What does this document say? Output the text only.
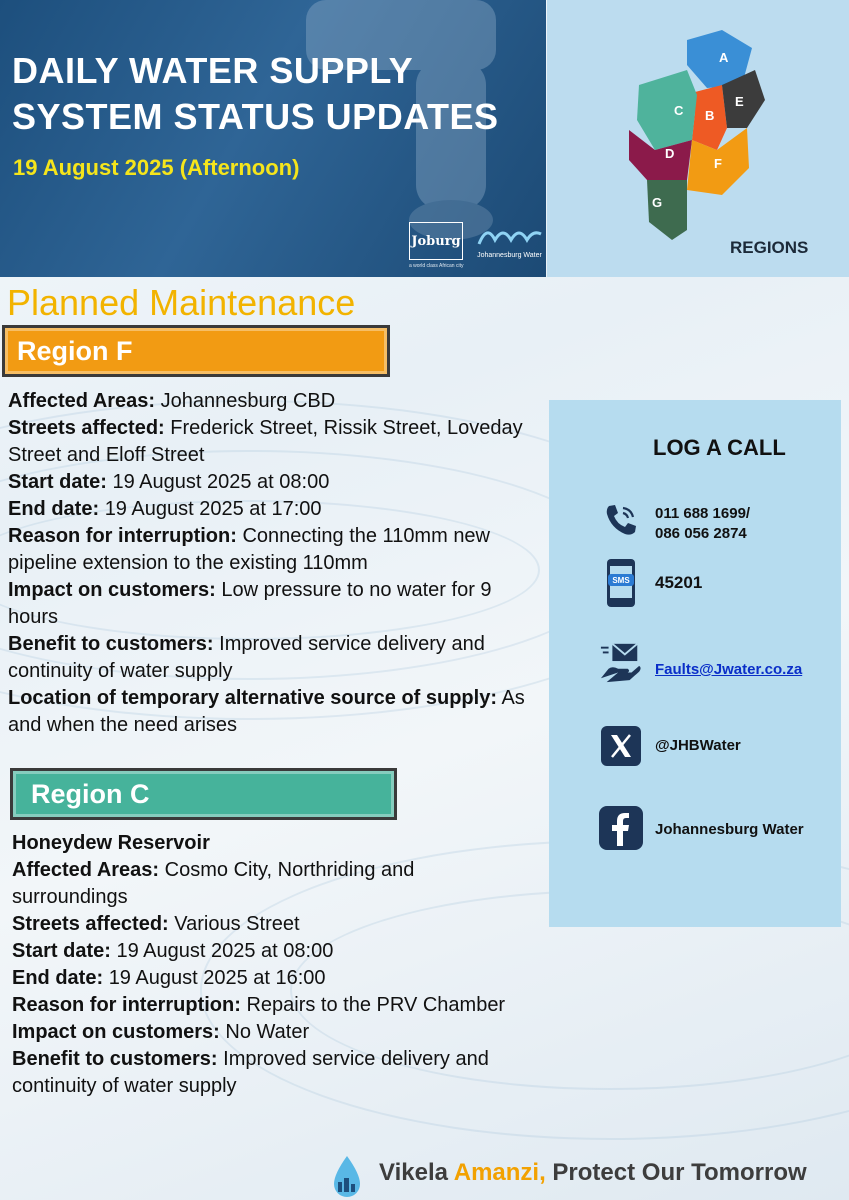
DAILY WATER SUPPLY
SYSTEM STATUS UPDATES
19 August 2025 (Afternoon)
Joburg
a world class African city
Johannesburg Water
A
B
C
D
E
F
G
REGIONS
Planned Maintenance
Region F
Affected Areas: Johannesburg CBD
Streets affected: Frederick Street, Rissik Street, Loveday Street and Eloff Street
Start date: 19 August 2025 at 08:00
End date: 19 August 2025 at 17:00
Reason for interruption: Connecting the 110mm new pipeline extension to the existing 110mm
Impact on customers: Low pressure to no water for 9 hours
Benefit to customers: Improved service delivery and continuity of water supply
Location of temporary alternative source of supply: As and when the need arises
Region C
Honeydew Reservoir
Affected Areas: Cosmo City, Northriding and surroundings
Streets affected: Various Street
Start date: 19 August 2025 at 08:00
End date: 19 August 2025 at 16:00
Reason for interruption: Repairs to the PRV Chamber
Impact on customers: No Water
Benefit to customers: Improved service delivery and continuity of water supply
LOG A CALL
011 688 1699/
086 056 2874
SMS 45201
Faults@Jwater.co.za
@JHBWater
Johannesburg Water
Vikela Amanzi, Protect Our Tomorrow
